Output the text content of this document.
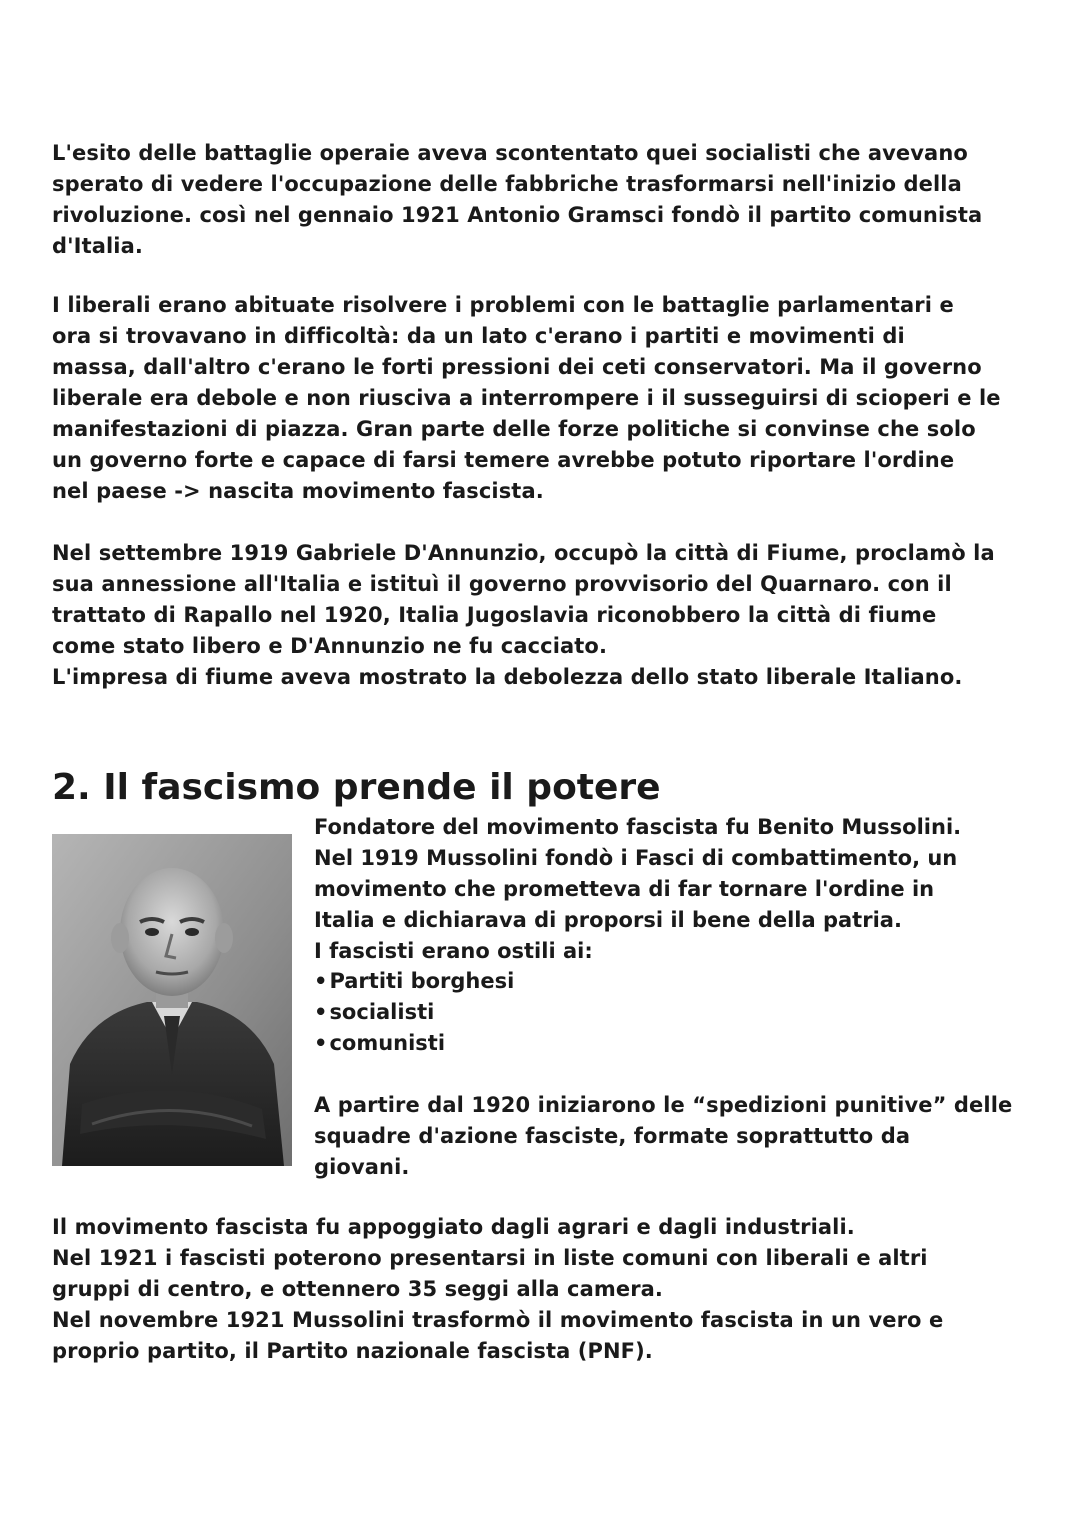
L'esito delle battaglie operaie aveva scontentato quei socialisti che avevano
sperato di vedere l'occupazione delle fabbriche trasformarsi nell'inizio della
rivoluzione. così nel gennaio 1921 Antonio Gramsci fondò il partito comunista
d'Italia.

I liberali erano abituate risolvere i problemi con le battaglie parlamentari e
ora si trovavano in difficoltà: da un lato c'erano i partiti e movimenti di
massa, dall'altro c'erano le forti pressioni dei ceti conservatori. Ma il governo
liberale era debole e non riusciva a interrompere i il susseguirsi di scioperi e le
manifestazioni di piazza. Gran parte delle forze politiche si convinse che solo
un governo forte e capace di farsi temere avrebbe potuto riportare l'ordine
nel paese -> nascita movimento fascista.

Nel settembre 1919 Gabriele D'Annunzio, occupò la città di Fiume, proclamò la
sua annessione all'Italia e istituì il governo provvisorio del Quarnaro. con il
trattato di Rapallo nel 1920, Italia Jugoslavia riconobbero la città di fiume
come stato libero e D'Annunzio ne fu cacciato.
L'impresa di fiume aveva mostrato la debolezza dello stato liberale Italiano.

2. Il fascismo prende il potere

Fondatore del movimento fascista fu Benito Mussolini.
Nel 1919 Mussolini fondò i Fasci di combattimento, un
movimento che prometteva di far tornare l'ordine in
Italia e dichiarava di proporsi il bene della patria.
I fascisti erano ostili ai:

• Partiti borghesi
• socialisti
• comunisti

A partire dal 1920 iniziarono le “spedizioni punitive” delle
squadre d'azione fasciste, formate soprattutto da
giovani.

Il movimento fascista fu appoggiato dagli agrari e dagli industriali.
Nel 1921 i fascisti poterono presentarsi in liste comuni con liberali e altri
gruppi di centro, e ottennero 35 seggi alla camera.
Nel novembre 1921 Mussolini trasformò il movimento fascista in un vero e
proprio partito, il Partito nazionale fascista (PNF).
